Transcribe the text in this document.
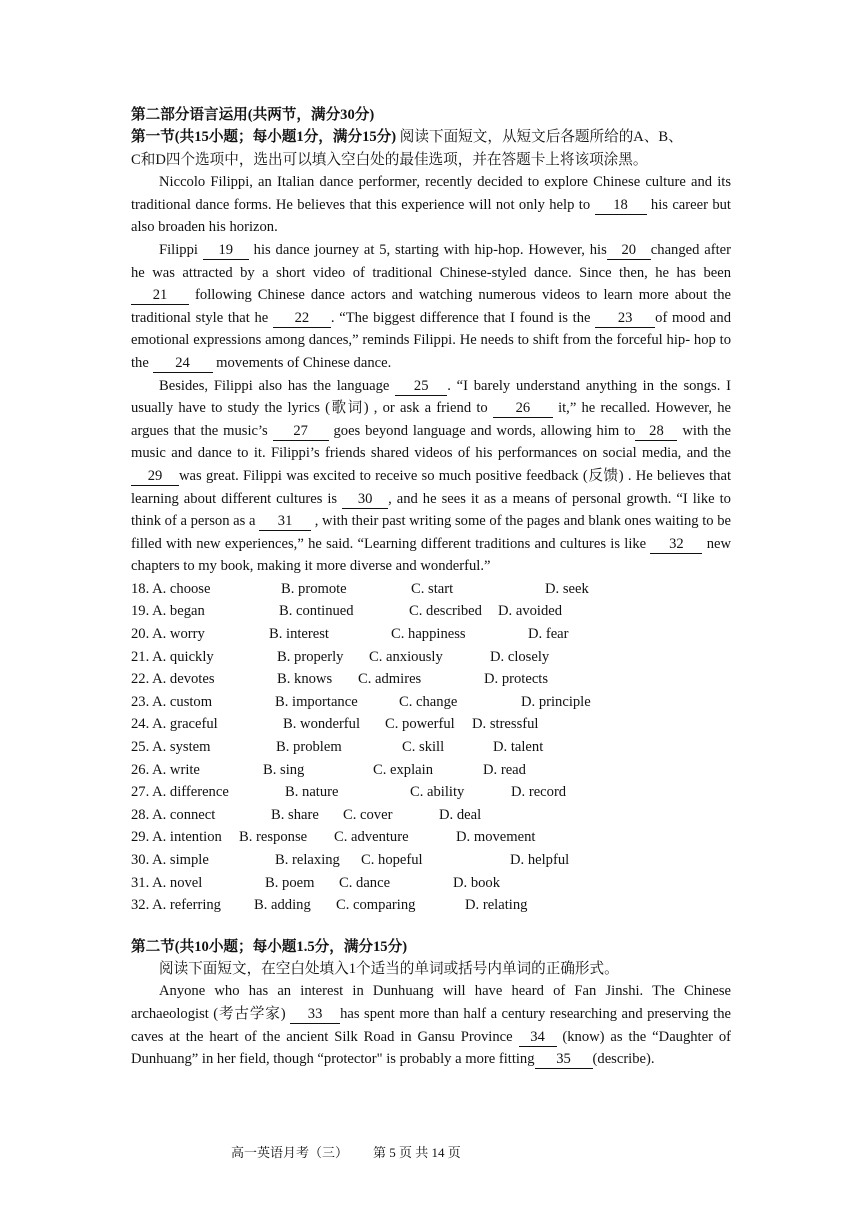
第二部分语言运用(共两节，满分30分)

第一节(共15小题；每小题1分，满分15分) 阅读下面短文，从短文后各题所给的A、B、
C和D四个选项中，选出可以填入空白处的最佳选项，并在答题卡上将该项涂黑。

Niccolo Filippi, an Italian dance performer, recently decided to explore Chinese culture and its traditional dance forms. He believes that this experience will not only help to 18 his career but also broaden his horizon.

Filippi 19 his dance journey at 5, starting with hip-hop. However, his 20 changed after he was attracted by a short video of traditional Chinese-styled dance. Since then, he has been 21 following Chinese dance actors and watching numerous videos to learn more about the traditional style that he 22 . “The biggest difference that I found is the 23 of mood and emotional expressions among dances,” reminds Filippi. He needs to shift from the forceful hip- hop to the 24 movements of Chinese dance.

Besides, Filippi also has the language 25 . “I barely understand anything in the songs. I usually have to study the lyrics (歌词) , or ask a friend to 26 it,” he recalled. However, he argues that the music’s 27 goes beyond language and words, allowing him to 28 with the music and dance to it. Filippi’s friends shared videos of his performances on social media, and the29 was great. Filippi was excited to receive so much positive feedback (反馈) . He believes that learning about different cultures is 30 , and he sees it as a means of personal growth. “I like to think of a person as a 31 , with their past writing some of the pages and blank ones waiting to be filled with new experiences,” he said. “Learning different traditions and cultures is like 32 new chapters to my book, making it more diverse and wonderful.”

18. A. choose	B. promote	C. start	D. seek
19. A. began	B. continued	C. described D. avoided
20. A. worry	B. interest	C. happiness	D. fear
21. A. quickly	B. properly C. anxiously	D. closely
22. A. devotes	B. knows C. admires	D. protects
23. A. custom	B. importance	C. change	D. principle
24. A. graceful	B. wonderful C. powerful D. stressful
25. A. system	B. problem	C. skill	D. talent
26. A. write	B. sing	C. explain	D. read
27. A. difference	B. nature	C. ability	D. record
28. A. connect	B. share C. cover	D. deal
29. A. intention B. response C. adventure	D. movement
30. A. simple	B. relaxing C. hopeful	D. helpful
31. A. novel	B. poem C. dance	D. book
32. A. referring B. adding C. comparing	D. relating

第二节(共10小题；每小题1.5分，满分15分)

阅读下面短文，在空白处填入1个适当的单词或括号内单词的正确形式。

Anyone who has an interest in Dunhuang will have heard of Fan Jinshi. The Chinese archaeologist (考古学家) 33 has spent more than half a century researching and preserving the caves at the heart of the ancient Silk Road in Gansu Province 34 (know) as the “Daughter of Dunhuang” in her field, though “protector" is probably a more fitting 35 (describe).

高一英语月考（三） 第 5 页 共 14 页
